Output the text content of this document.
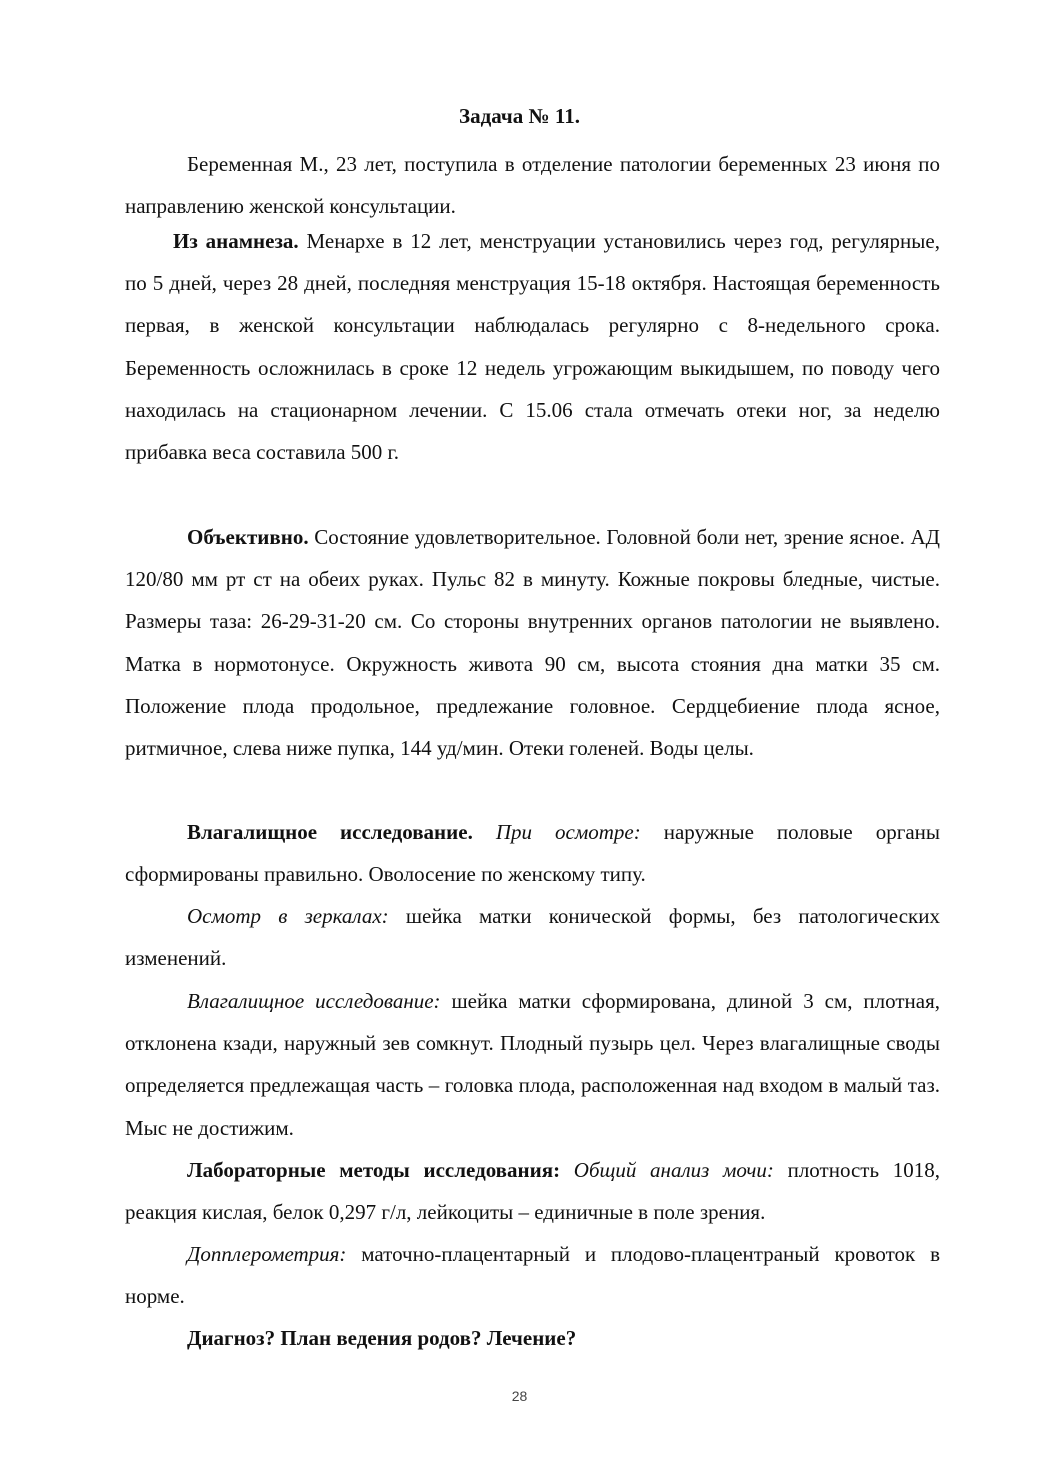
Задача № 11.

Беременная М., 23 лет, поступила в отделение патологии беременных 23 июня по направлению женской консультации.

Из анамнеза. Менархе в 12 лет, менструации установились через год, регулярные, по 5 дней, через 28 дней, последняя менструация 15-18 октября. Настоящая беременность первая, в женской консультации наблюдалась регулярно с 8-недельного срока. Беременность осложнилась в сроке 12 недель угрожающим выкидышем, по поводу чего находилась на стационарном лечении. С 15.06 стала отмечать отеки ног, за неделю прибавка веса составила 500 г.

Объективно. Состояние удовлетворительное. Головной боли нет, зрение ясное. АД 120/80 мм рт ст на обеих руках. Пульс 82 в минуту. Кожные покровы бледные, чистые. Размеры таза: 26-29-31-20 см. Со стороны внутренних органов патологии не выявлено. Матка в нормотонусе. Окружность живота 90 см, высота стояния дна матки 35 см. Положение плода продольное, предлежание головное. Сердцебиение плода ясное, ритмичное, слева ниже пупка, 144 уд/мин. Отеки голеней. Воды целы.

Влагалищное исследование. При осмотре: наружные половые органы сформированы правильно. Оволосение по женскому типу.

Осмотр в зеркалах: шейка матки конической формы, без патологических изменений.

Влагалищное исследование: шейка матки сформирована, длиной 3 см, плотная, отклонена кзади, наружный зев сомкнут. Плодный пузырь цел. Через влагалищные своды определяется предлежащая часть – головка плода, расположенная над входом в малый таз. Мыс не достижим.

Лабораторные методы исследования: Общий анализ мочи: плотность 1018, реакция кислая, белок 0,297 г/л, лейкоциты – единичные в поле зрения.

Допплерометрия: маточно-плацентарный и плодово-плацентраный кровоток в норме.

Диагноз? План ведения родов? Лечение?

28
